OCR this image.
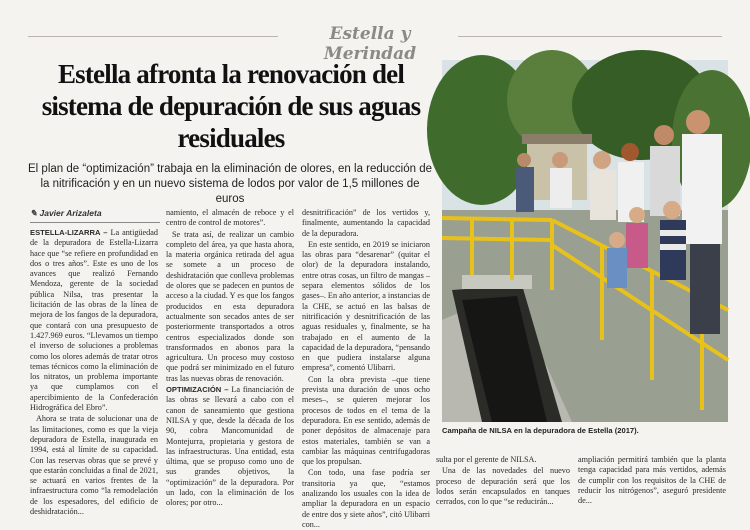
Estella y Merindad
Estella afronta la renovación del sistema de depuración de sus aguas residuales
El plan de “optimización” trabaja en la eliminación de olores, en la reducción de la nitrificación y en un nuevo sistema de lodos por valor de 1,5 millones de euros
✎ Javier Arizaleta

ESTELLA-LIZARRA – La antigüedad de la depuradora de Estella-Lizarra hace que “se refiere en profundidad en dos o tres años”. Este es uno de los avances que realizó Fernando Mendoza, gerente de la sociedad pública Nilsa, tras presentar la licitación de las obras de la línea de mejora de los fangos de la depuradora, que contará con una presupuesto de 1.427.969 euros. “Llevamos un tiempo el inverso de soluciones a problemas como los olores además de tratar otros temas técnicos como la eliminación de los nitratos, un problema importante ya que cumplamos con el apercibimiento de la Confederación Hidrográfica del Ebro”.

Ahora se trata de solucionar una de las limitaciones, como es que la vieja depuradora de Estella, inaugurada en 1994, está al límite de su capacidad. Con las reservas obras que se prevé y que estarán concluidas a final de 2021, se actuará en varios frentes de la infraestructura como “la remodelación de los espesadores, del edificio de deshidratación...

namiento, el almacén de reboce y el centro de control de motores”.

Se trata así, de realizar un cambio completo del área, ya que hasta ahora, la materia orgánica retirada del agua se somete a un proceso de deshidratación que conlleva problemas de olores que se padecen en puntos de acceso a la ciudad. Y es que los fangos producidos en esta depuradora actualmente son secados antes de ser posteriormente transportados a otros centros especializados donde son transformados en abonos para la agricultura. Un proceso muy costoso que podrá ser minimizado en el futuro tras las nuevas obras de renovación.

OPTIMIZACIÓN – La financiación de las obras se llevará a cabo con el canon de saneamiento que gestiona NILSA y que, desde la década de los 90, cobra Mancomunidad de Montejurra, propietaria y gestora de las infraestructuras. Una entidad, esta última, que se propuso como uno de sus grandes objetivos, la “optimización” de la depuradora. Por un lado, con la eliminación de los olores; por otro...

desnitrificación” de los vertidos y, finalmente, aumentando la capacidad de la depuradora.

En este sentido, en 2019 se iniciaron las obras para “desarenar” (quitar el olor) de la depuradora instalando, entre otras cosas, un filtro de mangas –separa elementos sólidos de los gases–. En año anterior, a instancias de la CHE, se actuó en las balsas de nitrificación y desnitrificación de las aguas residuales y, finalmente, se ha trabajado en el aumento de la capacidad de la depuradora, “pensando en que pudiera instalarse alguna empresa”, comentó Ulibarri.

Con la obra prevista –que tiene prevista una duración de unos ocho meses–, se quieren mejorar los procesos de todos en el tema de la depuradora. En ese sentido, además de poner depósitos de almacenaje para estos materiales, también se van a cambiar las máquinas centrifugadoras que los propulsan.

Con todo, una fase podría ser transitoria ya que, “estamos analizando los usuales con la idea de ampliar la depuradora en un espacio de entre dos y siete años”, citó Ulibarri con...

sulta por el gerente de NILSA.

Una de las novedades del nuevo proceso de depuración será que los lodos serán encapsulados en tanques cerrados, con lo que “se reducirán...

ampliación permitirá también que la planta tenga capacidad para más vertidos, además de cumplir con los requisitos de la CHE de reducir los nitrógenos”, aseguró presidente de...

Campaña de NILSA en la depuradora de Estella (2017).
